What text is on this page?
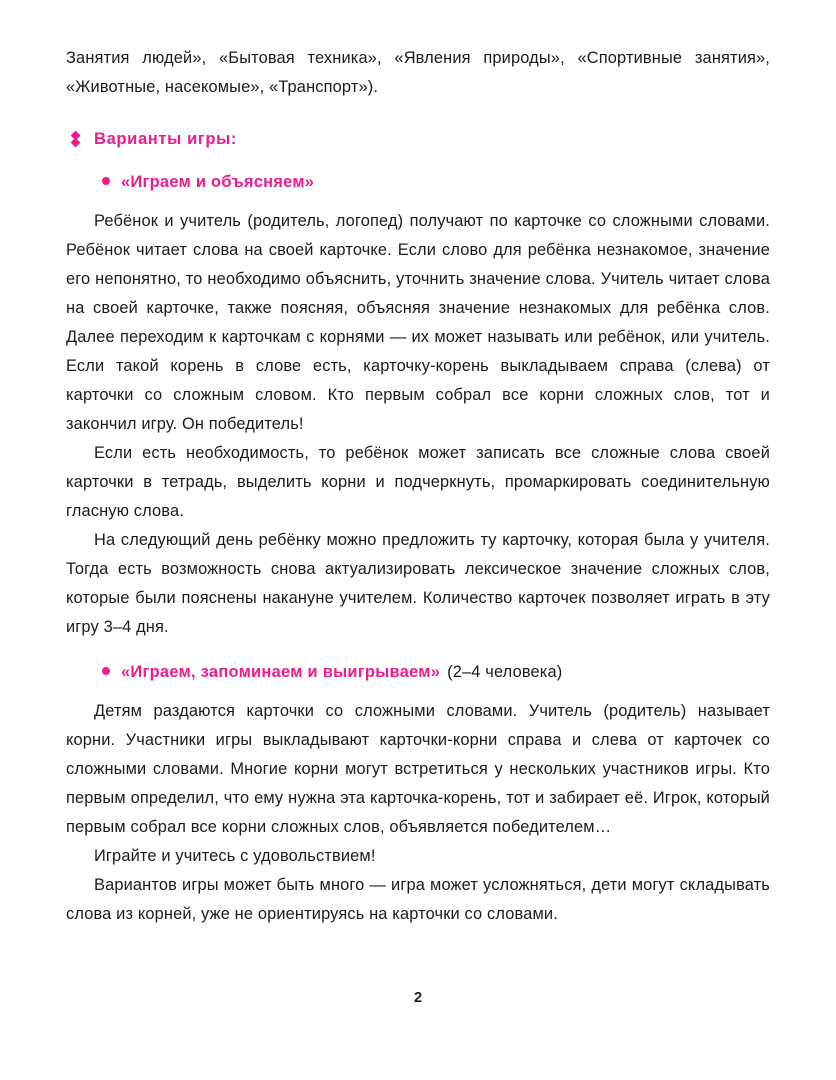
Занятия людей», «Бытовая техника», «Явления природы», «Спортивные занятия», «Животные, насекомые», «Транспорт»).

Варианты игры:
«Играем и объясняем»

Ребёнок и учитель (родитель, логопед) получают по карточке со сложными словами. Ребёнок читает слова на своей карточке. Если слово для ребёнка незнакомое, значение его непонятно, то необходимо объяснить, уточнить значение слова. Учитель читает слова на своей карточке, также поясняя, объясняя значение незнакомых для ребёнка слов. Далее переходим к карточкам с корнями — их может называть или ребёнок, или учитель. Если такой корень в слове есть, карточку-корень выкладываем справа (слева) от карточки со сложным словом. Кто первым собрал все корни сложных слов, тот и закончил игру. Он победитель!

Если есть необходимость, то ребёнок может записать все сложные слова своей карточки в тетрадь, выделить корни и подчеркнуть, промаркировать соединительную гласную слова.

На следующий день ребёнку можно предложить ту карточку, которая была у учителя. Тогда есть возможность снова актуализировать лексическое значение сложных слов, которые были пояснены накануне учителем. Количество карточек позволяет играть в эту игру 3–4 дня.

«Играем, запоминаем и выигрываем» (2–4 человека)

Детям раздаются карточки со сложными словами. Учитель (родитель) называет корни. Участники игры выкладывают карточки-корни справа и слева от карточек со сложными словами. Многие корни могут встретиться у нескольких участников игры. Кто первым определил, что ему нужна эта карточка-корень, тот и забирает её. Игрок, который первым собрал все корни сложных слов, объявляется победителем…

Играйте и учитесь с удовольствием!

Вариантов игры может быть много — игра может усложняться, дети могут складывать слова из корней, уже не ориентируясь на карточки со словами.

2
